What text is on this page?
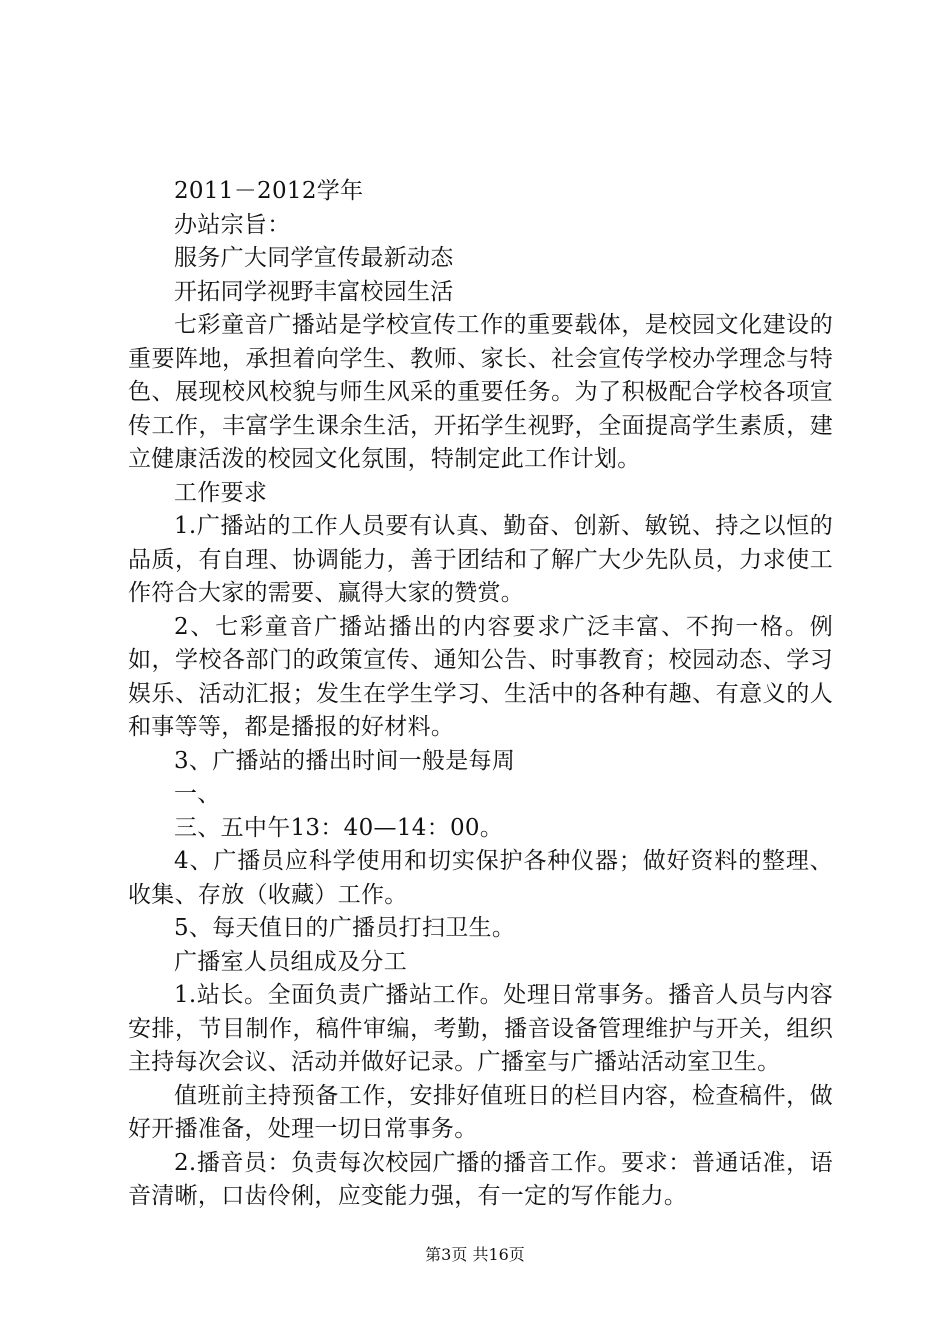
2011－2012学年

办站宗旨：

服务广大同学宣传最新动态

开拓同学视野丰富校园生活

七彩童音广播站是学校宣传工作的重要载体，是校园文化建设的重要阵地，承担着向学生、教师、家长、社会宣传学校办学理念与特色、展现校风校貌与师生风采的重要任务。为了积极配合学校各项宣传工作，丰富学生课余生活，开拓学生视野，全面提高学生素质，建立健康活泼的校园文化氛围，特制定此工作计划。

工作要求

1.广播站的工作人员要有认真、勤奋、创新、敏锐、持之以恒的品质，有自理、协调能力，善于团结和了解广大少先队员，力求使工作符合大家的需要、赢得大家的赞赏。

2、七彩童音广播站播出的内容要求广泛丰富、不拘一格。例如，学校各部门的政策宣传、通知公告、时事教育；校园动态、学习娱乐、活动汇报；发生在学生学习、生活中的各种有趣、有意义的人和事等等，都是播报的好材料。

3、广播站的播出时间一般是每周

一、

三、五中午13：40—14：00。

4、广播员应科学使用和切实保护各种仪器；做好资料的整理、收集、存放（收藏）工作。

5、每天值日的广播员打扫卫生。

广播室人员组成及分工

1.站长。全面负责广播站工作。处理日常事务。播音人员与内容安排，节目制作，稿件审编，考勤，播音设备管理维护与开关，组织主持每次会议、活动并做好记录。广播室与广播站活动室卫生。

值班前主持预备工作，安排好值班日的栏目内容，检查稿件，做好开播准备，处理一切日常事务。

2.播音员：负责每次校园广播的播音工作。要求：普通话准，语音清晰，口齿伶俐，应变能力强，有一定的写作能力。

第3页 共16页
